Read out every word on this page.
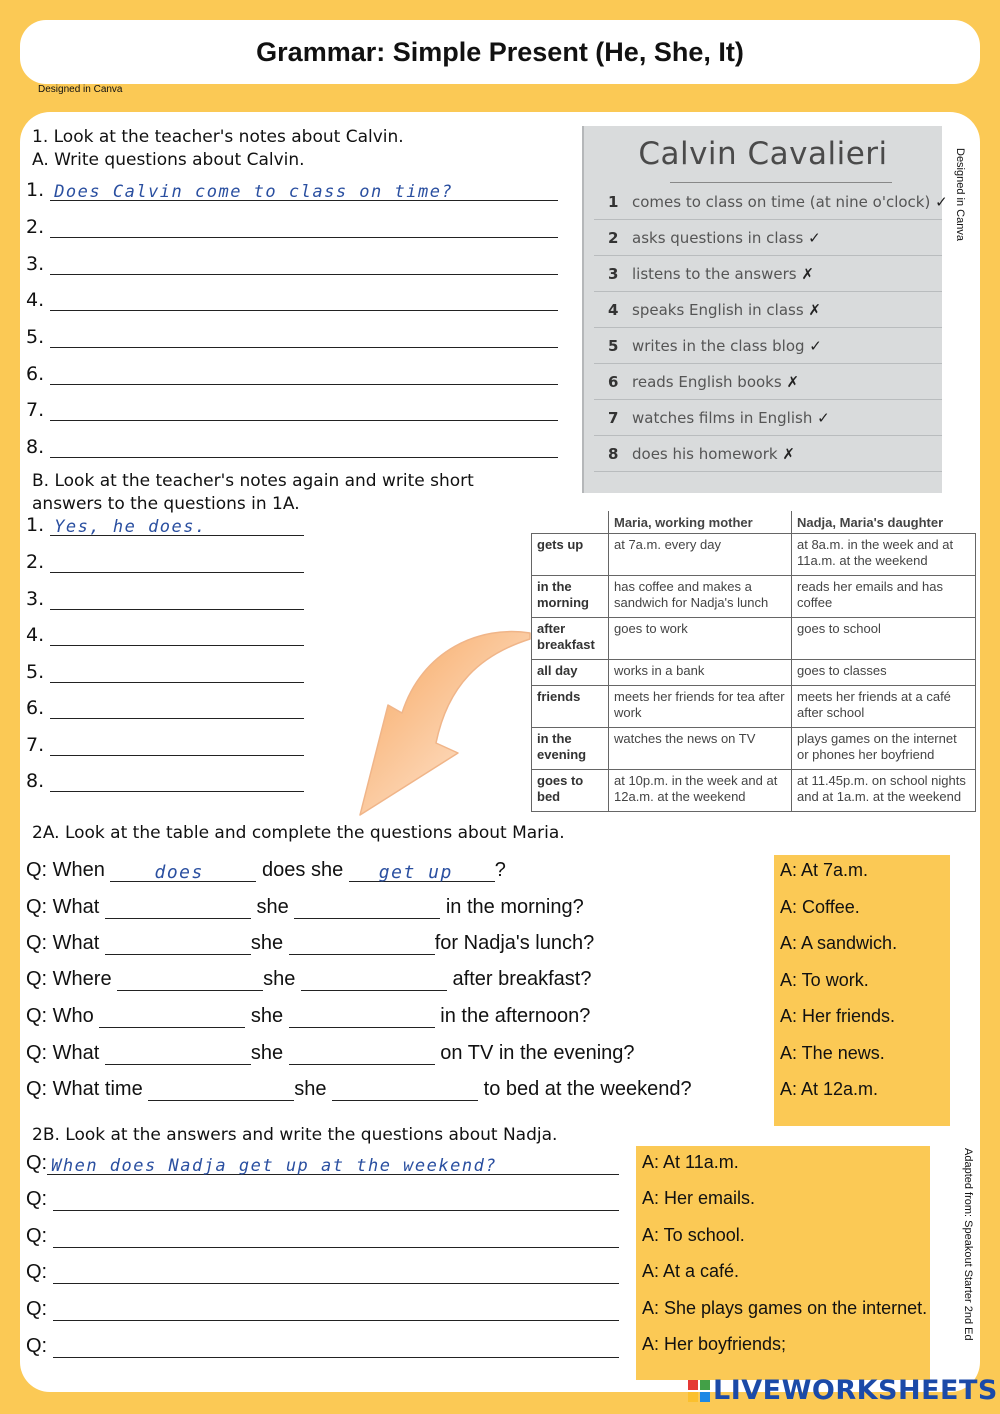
Grammar: Simple Present (He, She, It)
Designed in Canva
1. Look at the teacher's notes about Calvin.
A. Write questions about Calvin.
1. Does Calvin come to class on time?
2.
3.
4.
5.
6.
7.
8.
Calvin Cavalieri
1 comes to class on time (at nine o'clock) ✓
2 asks questions in class ✓
3 listens to the answers ✗
4 speaks English in class ✗
5 writes in the class blog ✓
6 reads English books ✗
7 watches films in English ✓
8 does his homework ✗
Designed in Canva
B. Look at the teacher's notes again and write short
answers to the questions in 1A.
1. Yes, he does.
2.
3.
4.
5.
6.
7.
8.
	Maria, working mother	Nadja, Maria's daughter
gets up	at 7a.m. every day	at 8a.m. in the week and at 11a.m. at the weekend
in the morning	has coffee and makes a sandwich for Nadja's lunch	reads her emails and has coffee
after breakfast	goes to work	goes to school
all day	works in a bank	goes to classes
friends	meets her friends for tea after work	meets her friends at a café after school
in the evening	watches the news on TV	plays games on the internet or phones her boyfriend
goes to bed	at 10p.m. in the week and at 12a.m. at the weekend	at 11.45p.m. on school nights and at 1a.m. at the weekend
2A. Look at the table and complete the questions about Maria.
Q: When	does	does she get up ?
Q: What	she	in the morning?
Q: What	she	for Nadja's lunch?
Q: Where	she	after breakfast?
Q: Who	she	in the afternoon?
Q: What	she	on TV in the evening?
Q: What time	she	to bed at the weekend?
A: At 7a.m.
A: Coffee.
A: A sandwich.
A: To work.
A: Her friends.
A: The news.
A: At 12a.m.
2B. Look at the answers and write the questions about Nadja.
Q: When does Nadja get up at the weekend?
Q:
Q:
Q:
Q:
Q:
A: At 11a.m.
A: Her emails.
A: To school.
A: At a café.
A: She plays games on the internet.
A: Her boyfriends;
Adapted from: Speakout Starter 2nd Ed
LIVEWORKSHEETS
